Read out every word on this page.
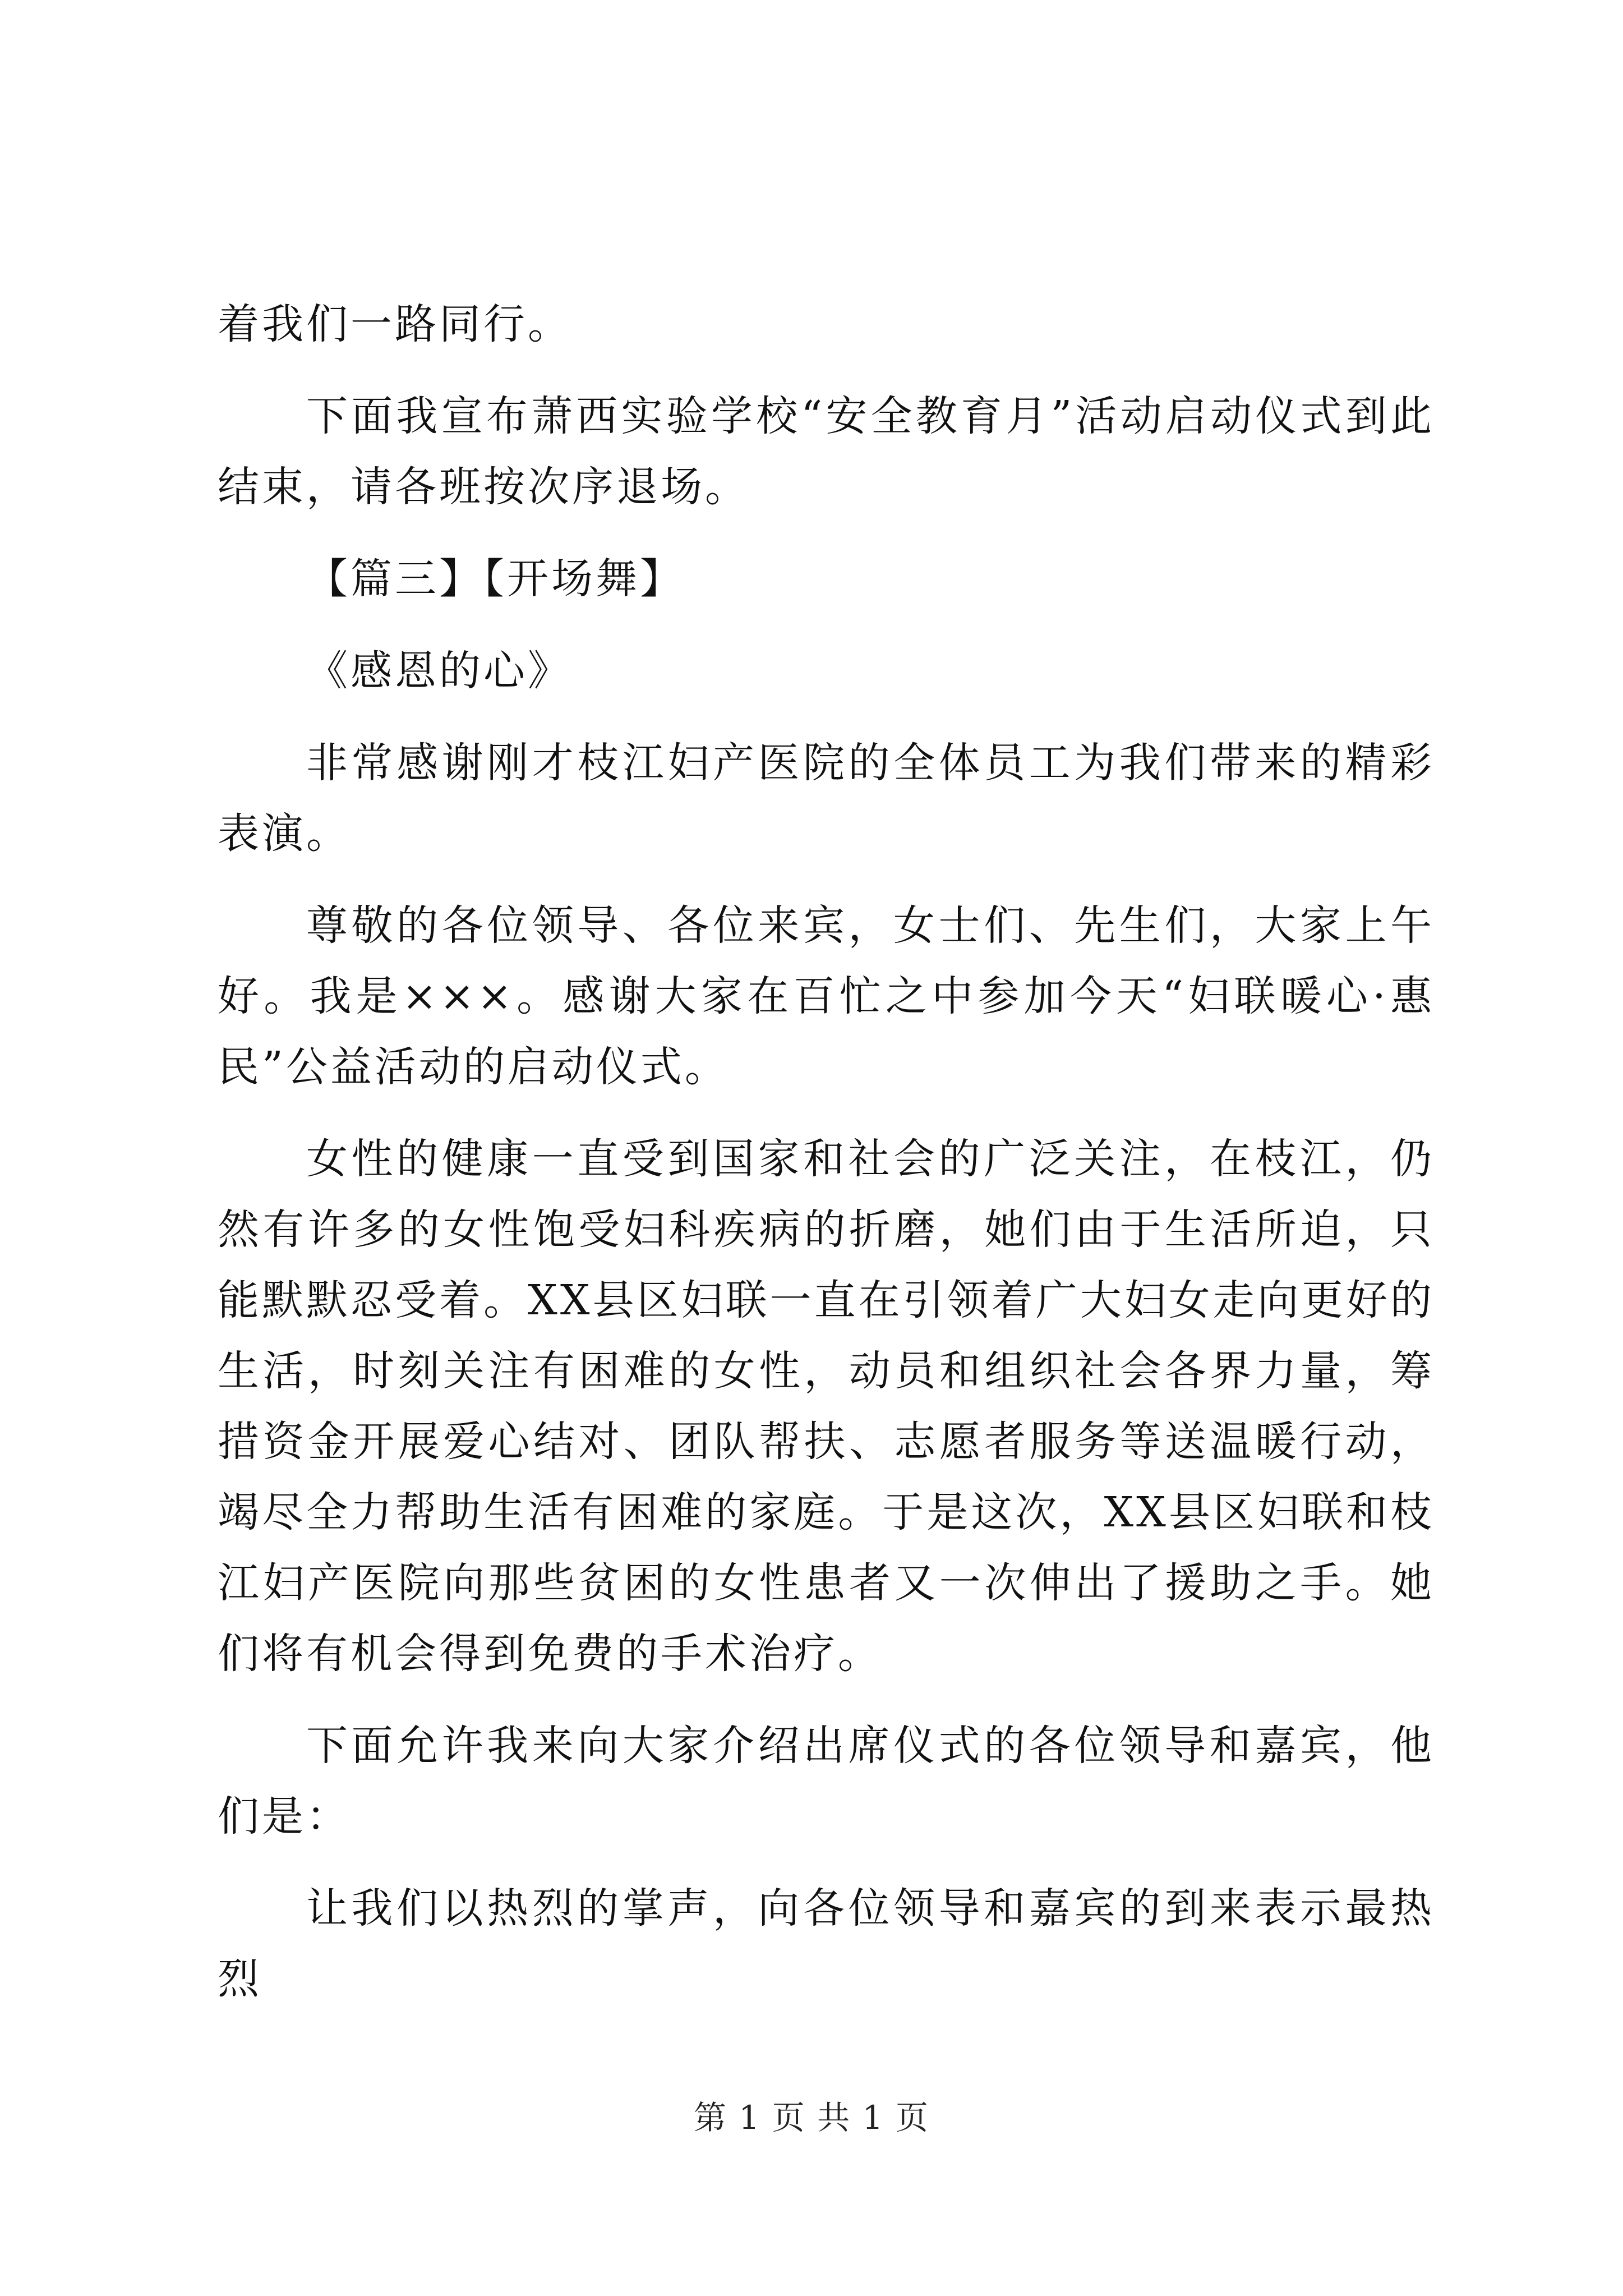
着我们一路同行。

下面我宣布萧西实验学校“安全教育月”活动启动仪式到此结束，请各班按次序退场。

【篇三】【开场舞】

《感恩的心》

非常感谢刚才枝江妇产医院的全体员工为我们带来的精彩表演。

尊敬的各位领导、各位来宾，女士们、先生们，大家上午好。我是×××。感谢大家在百忙之中参加今天“妇联暖心·惠民”公益活动的启动仪式。

女性的健康一直受到国家和社会的广泛关注，在枝江，仍然有许多的女性饱受妇科疾病的折磨，她们由于生活所迫，只能默默忍受着。XX县区妇联一直在引领着广大妇女走向更好的生活，时刻关注有困难的女性，动员和组织社会各界力量，筹措资金开展爱心结对、团队帮扶、志愿者服务等送温暖行动，竭尽全力帮助生活有困难的家庭。于是这次，XX县区妇联和枝江妇产医院向那些贫困的女性患者又一次伸出了援助之手。她们将有机会得到免费的手术治疗。

下面允许我来向大家介绍出席仪式的各位领导和嘉宾，他们是：

让我们以热烈的掌声，向各位领导和嘉宾的到来表示最热烈

第 1 页 共 1 页
